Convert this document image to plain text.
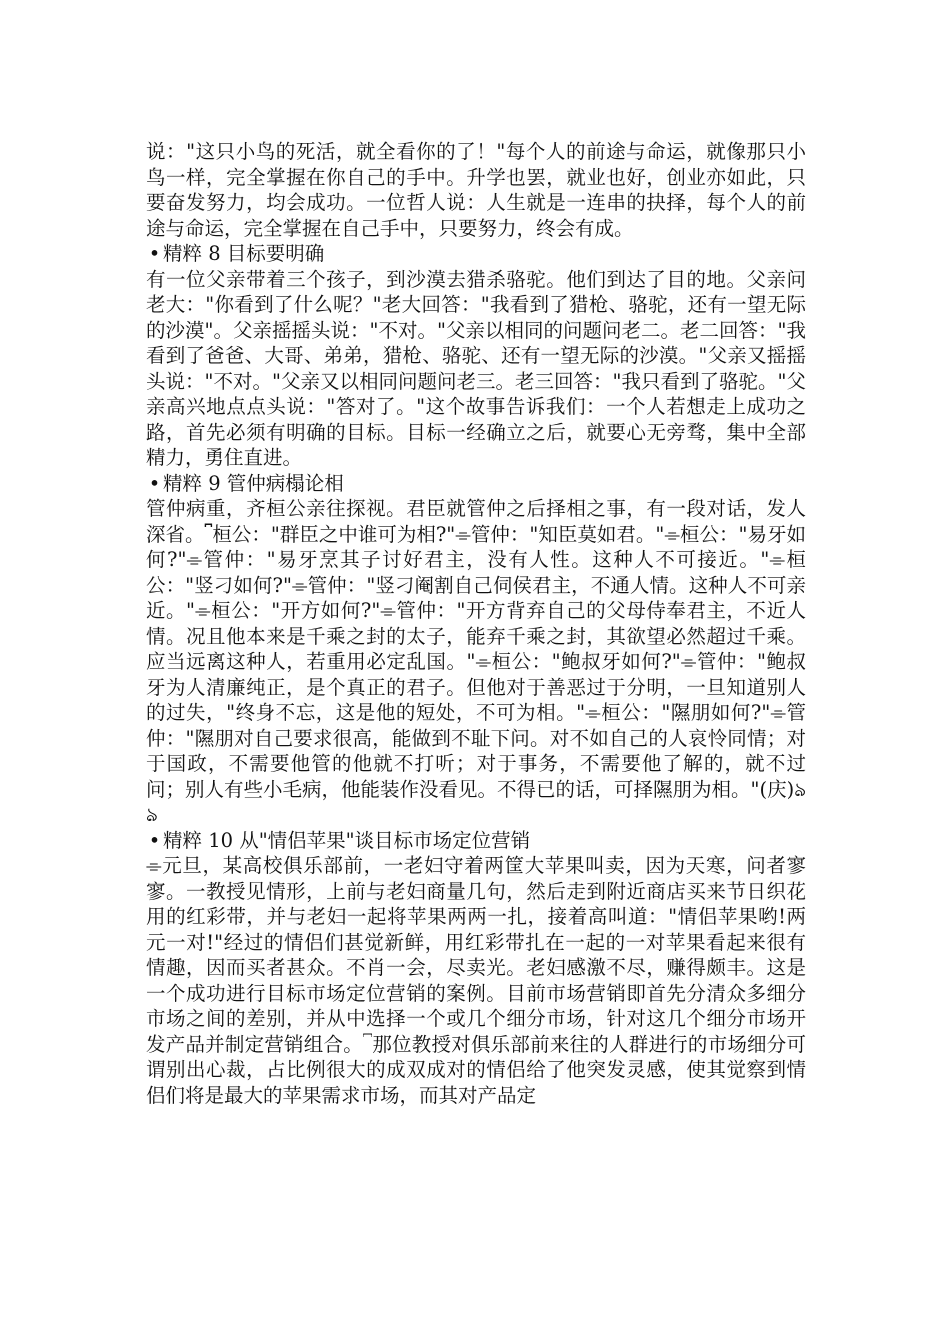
说："这只小鸟的死活，就全看你的了！"每个人的前途与命运，就像那只小鸟一样，完全掌握在你自己的手中。升学也罢，就业也好，创业亦如此，只要奋发努力，均会成功。一位哲人说：人生就是一连串的抉择，每个人的前途与命运，完全掌握在自己手中，只要努力，终会有成。
• 精粹 8 目标要明确
有一位父亲带着三个孩子，到沙漠去猎杀骆驼。他们到达了目的地。父亲问老大："你看到了什么呢？"老大回答："我看到了猎枪、骆驼，还有一望无际的沙漠"。父亲摇摇头说："不对。"父亲以相同的问题问老二。老二回答："我看到了爸爸、大哥、弟弟，猎枪、骆驼、还有一望无际的沙漠。"父亲又摇摇头说："不对。"父亲又以相同问题问老三。老三回答："我只看到了骆驼。"父亲高兴地点点头说："答对了。"这个故事告诉我们：一个人若想走上成功之路，首先必须有明确的目标。目标一经确立之后，就要心无旁骛，集中全部精力，勇住直进。
• 精粹 9 管仲病榻论相
管仲病重，齐桓公亲往探视。君臣就管仲之后择相之事，有一段对话，发人深省。⎴桓公："群臣之中谁可为相?"⌯管仲："知臣莫如君。"⌯桓公："易牙如何?"⌯管仲："易牙烹其子讨好君主，没有人性。这种人不可接近。"⌯桓公："竖刁如何?"⌯管仲："竖刁阉割自己伺侯君主，不通人情。这种人不可亲近。"⌯桓公："开方如何?"⌯管仲："开方背弃自己的父母侍奉君主，不近人情。况且他本来是千乘之封的太子，能弃千乘之封，其欲望必然超过千乘。应当远离这种人，若重用必定乱国。"⌯桓公："鲍叔牙如何?"⌯管仲："鲍叔牙为人清廉纯正，是个真正的君子。但他对于善恶过于分明，一旦知道别人的过失，"终身不忘，这是他的短处，不可为相。"⌯桓公："隰朋如何?"⌯管仲："隰朋对自己要求很高，能做到不耻下问。对不如自己的人哀怜同情；对于国政，不需要他管的他就不打听；对于事务，不需要他了解的，就不过问；别人有些小毛病，他能装作没看见。不得已的话，可择隰朋为相。"(庆)ঌঌ
• 精粹 10 从"情侣苹果"谈目标市场定位营销
⌯元旦，某高校俱乐部前，一老妇守着两筐大苹果叫卖，因为天寒，问者寥寥。一教授见情形，上前与老妇商量几句，然后走到附近商店买来节日织花用的红彩带，并与老妇一起将苹果两两一扎，接着高叫道："情侣苹果哟!两元一对!"经过的情侣们甚觉新鲜，用红彩带扎在一起的一对苹果看起来很有情趣，因而买者甚众。不肖一会，尽卖光。老妇感激不尽，赚得颇丰。这是一个成功进行目标市场定位营销的案例。目前市场营销即首先分清众多细分市场之间的差别，并从中选择一个或几个细分市场，针对这几个细分市场开发产品并制定营销组合。⎴那位教授对俱乐部前来往的人群进行的市场细分可谓别出心裁，占比例很大的成双成对的情侣给了他突发灵感，使其觉察到情侣们将是最大的苹果需求市场，而其对产品定
